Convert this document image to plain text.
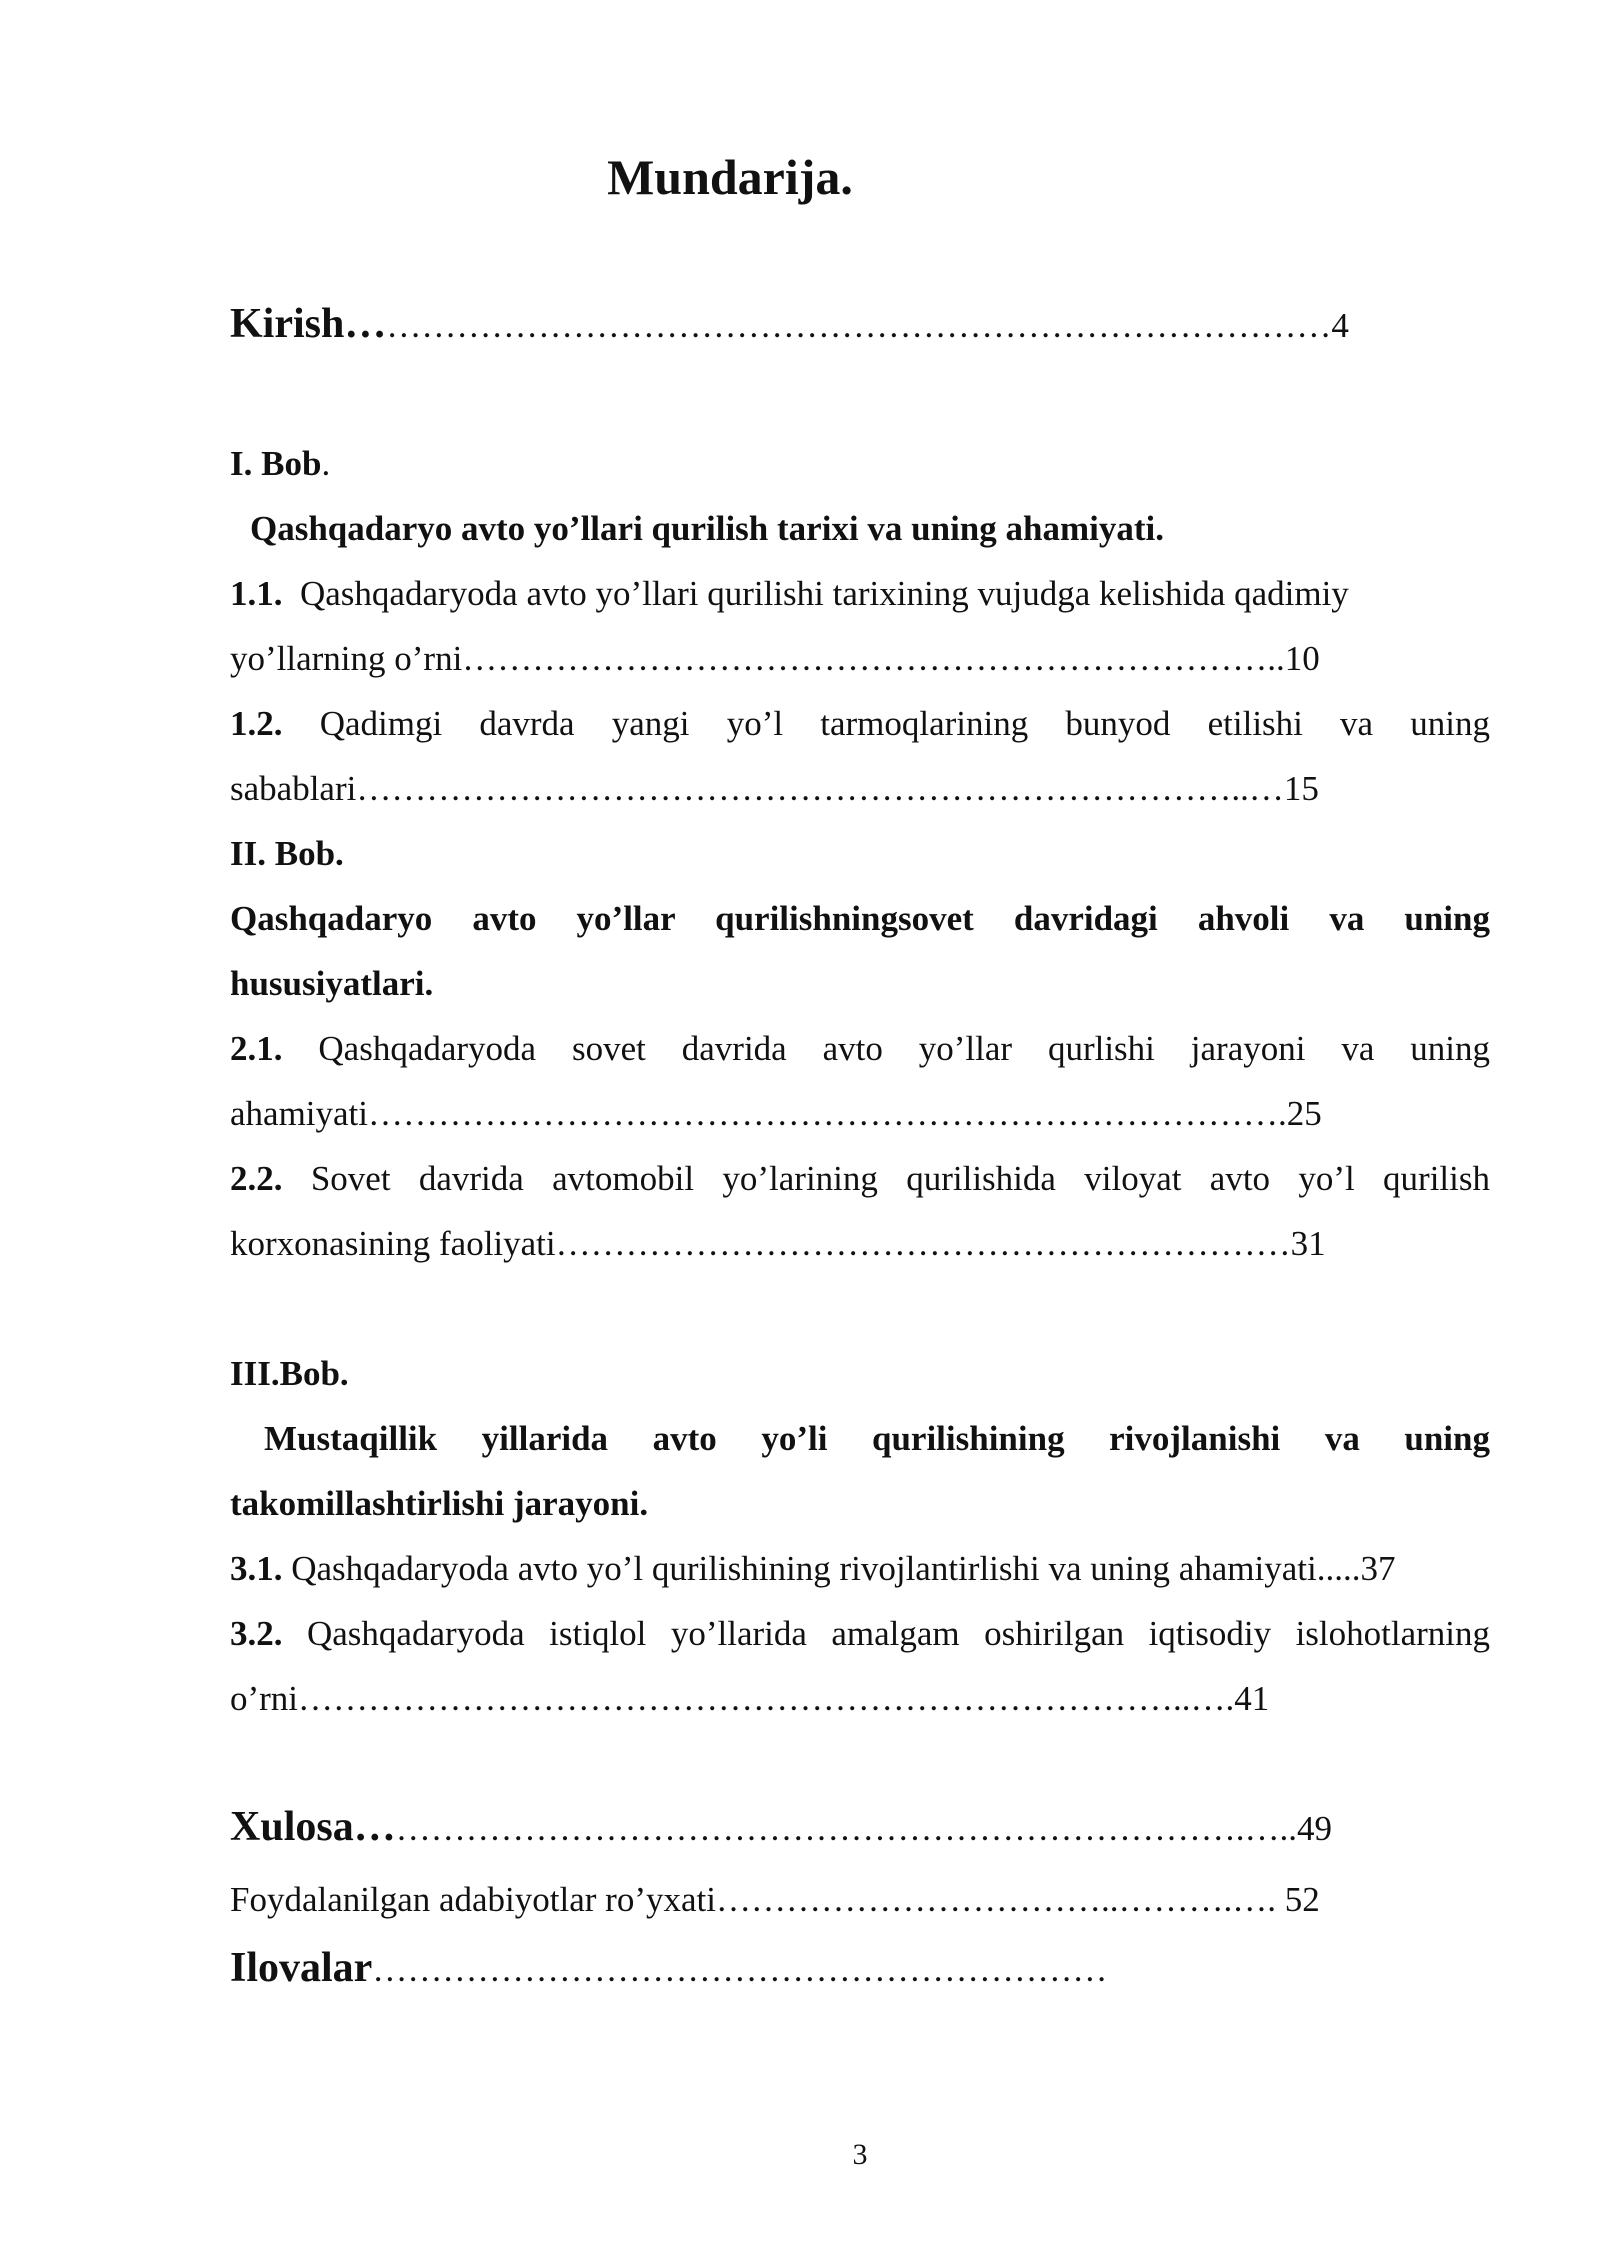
Mundarija.
Kirish…………………………………………………………………………4
I. Bob.
Qashqadaryo avto yo’llari qurilish tarixi va uning ahamiyati.
1.1. Qashqadaryoda avto yo’llari qurilishi tarixining vujudga kelishida qadimiy
yo’llarning o’rni……………………………………………………………..10
1.2. Qadimgi davrda yangi yo’l tarmoqlarining bunyod etilishi va uning
sabablari…………………………………………………………………..…15
II. Bob.
Qashqadaryo avto yo’llar qurilishningsovet davridagi ahvoli va uning
hususiyatlari.
2.1. Qashqadaryoda sovet davrida avto yo’llar qurlishi jarayoni va uning
ahamiyati…………………………………………………………………….25
2.2. Sovet davrida avtomobil yo’larining qurilishida viloyat avto yo’l qurilish
korxonasining faoliyati………………………………………………………31
III.Bob.
Mustaqillik yillarida avto yo’li qurilishining rivojlanishi va uning
takomillashtirlishi jarayoni.
3.1. Qashqadaryoda avto yo’l qurilishining rivojlantirlishi va uning ahamiyati.....37
3.2. Qashqadaryoda istiqlol yo’llarida amalgam oshirilgan iqtisodiy islohotlarning
o’rni…………………………………………………………………..….41
Xulosa………………………………………………………………….…..49
Foydalanilgan adabiyotlar ro’yxati……………………………..……….…. 52
Ilovalar………………………………………………………
3
